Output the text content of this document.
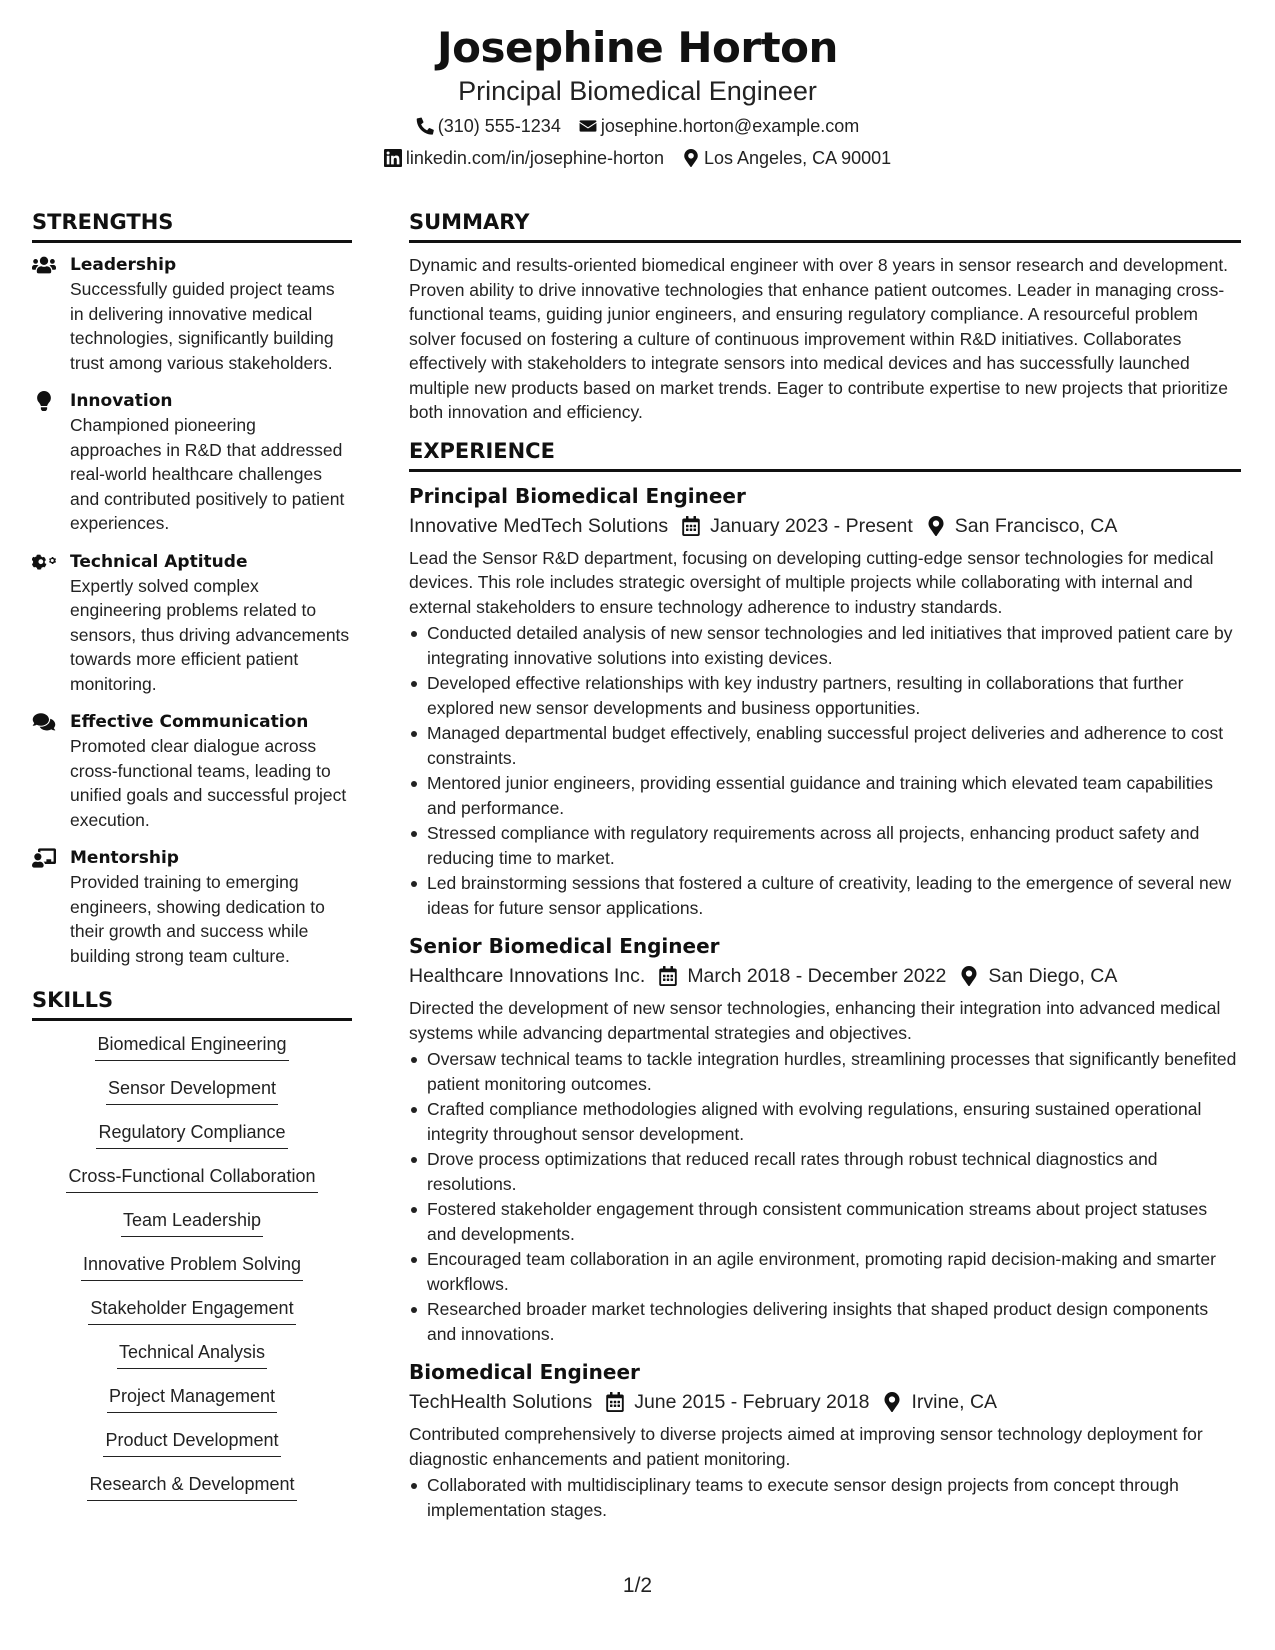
Josephine Horton
Principal Biomedical Engineer
(310) 555-1234 josephine.horton@example.com
linkedin.com/in/josephine-horton Los Angeles, CA 90001
STRENGTHS
Leadership
Successfully guided project teams in delivering innovative medical technologies, significantly building trust among various stakeholders.
Innovation
Championed pioneering approaches in R&D that addressed real-world healthcare challenges and contributed positively to patient experiences.
Technical Aptitude
Expertly solved complex engineering problems related to sensors, thus driving advancements towards more efficient patient monitoring.
Effective Communication
Promoted clear dialogue across cross-functional teams, leading to unified goals and successful project execution.
Mentorship
Provided training to emerging engineers, showing dedication to their growth and success while building strong team culture.
SKILLS
Biomedical Engineering
Sensor Development
Regulatory Compliance
Cross-Functional Collaboration
Team Leadership
Innovative Problem Solving
Stakeholder Engagement
Technical Analysis
Project Management
Product Development
Research & Development
SUMMARY
Dynamic and results-oriented biomedical engineer with over 8 years in sensor research and development. Proven ability to drive innovative technologies that enhance patient outcomes. Leader in managing cross-functional teams, guiding junior engineers, and ensuring regulatory compliance. A resourceful problem solver focused on fostering a culture of continuous improvement within R&D initiatives. Collaborates effectively with stakeholders to integrate sensors into medical devices and has successfully launched multiple new products based on market trends. Eager to contribute expertise to new projects that prioritize both innovation and efficiency.
EXPERIENCE
Principal Biomedical Engineer
Innovative MedTech Solutions January 2023 - Present San Francisco, CA
Lead the Sensor R&D department, focusing on developing cutting-edge sensor technologies for medical devices. This role includes strategic oversight of multiple projects while collaborating with internal and external stakeholders to ensure technology adherence to industry standards.
Conducted detailed analysis of new sensor technologies and led initiatives that improved patient care by integrating innovative solutions into existing devices.
Developed effective relationships with key industry partners, resulting in collaborations that further explored new sensor developments and business opportunities.
Managed departmental budget effectively, enabling successful project deliveries and adherence to cost constraints.
Mentored junior engineers, providing essential guidance and training which elevated team capabilities and performance.
Stressed compliance with regulatory requirements across all projects, enhancing product safety and reducing time to market.
Led brainstorming sessions that fostered a culture of creativity, leading to the emergence of several new ideas for future sensor applications.
Senior Biomedical Engineer
Healthcare Innovations Inc. March 2018 - December 2022 San Diego, CA
Directed the development of new sensor technologies, enhancing their integration into advanced medical systems while advancing departmental strategies and objectives.
Oversaw technical teams to tackle integration hurdles, streamlining processes that significantly benefited patient monitoring outcomes.
Crafted compliance methodologies aligned with evolving regulations, ensuring sustained operational integrity throughout sensor development.
Drove process optimizations that reduced recall rates through robust technical diagnostics and resolutions.
Fostered stakeholder engagement through consistent communication streams about project statuses and developments.
Encouraged team collaboration in an agile environment, promoting rapid decision-making and smarter workflows.
Researched broader market technologies delivering insights that shaped product design components and innovations.
Biomedical Engineer
TechHealth Solutions June 2015 - February 2018 Irvine, CA
Contributed comprehensively to diverse projects aimed at improving sensor technology deployment for diagnostic enhancements and patient monitoring.
Collaborated with multidisciplinary teams to execute sensor design projects from concept through implementation stages.
1/2
